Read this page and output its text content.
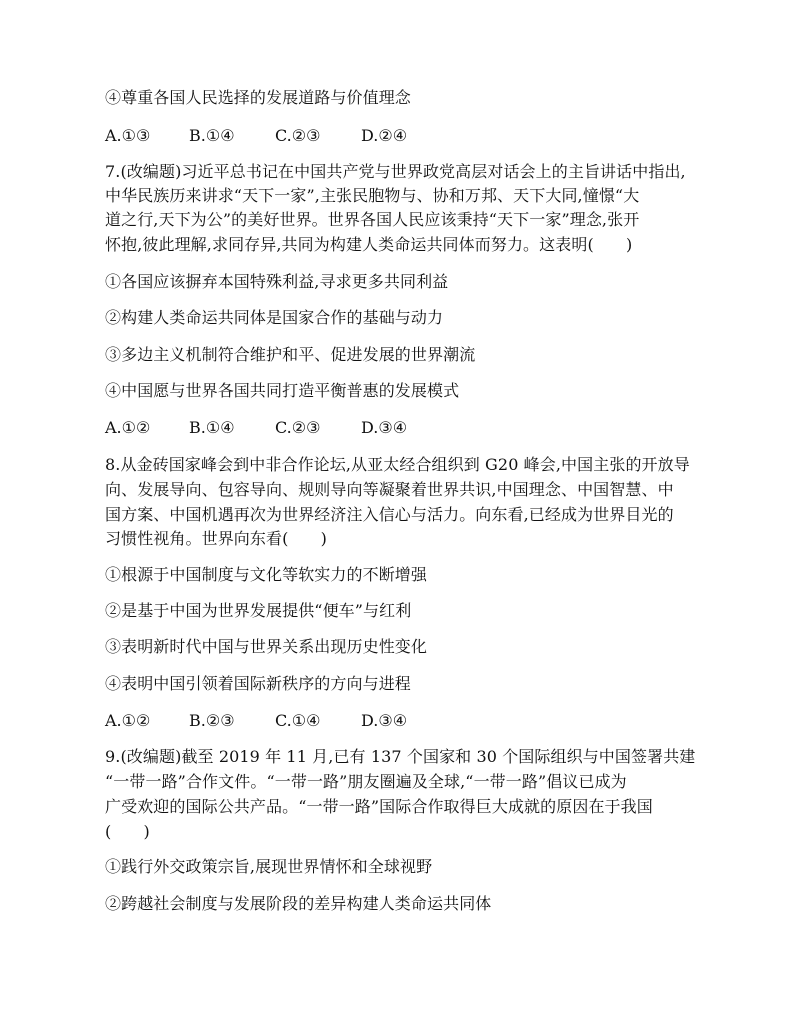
④尊重各国人民选择的发展道路与价值理念
A.①③ B.①④	C.②③	D.②④
7.(改编题)习近平总书记在中国共产党与世界政党高层对话会上的主旨讲话中指出,
中华民族历来讲求“天下一家”,主张民胞物与、协和万邦、天下大同,憧憬“大
道之行,天下为公”的美好世界。世界各国人民应该秉持“天下一家”理念,张开
怀抱,彼此理解,求同存异,共同为构建人类命运共同体而努力。这表明(　　)
①各国应该摒弃本国特殊利益,寻求更多共同利益
②构建人类命运共同体是国家合作的基础与动力
③多边主义机制符合维护和平、促进发展的世界潮流
④中国愿与世界各国共同打造平衡普惠的发展模式
A.①② B.①④	C.②③	D.③④
8.从金砖国家峰会到中非合作论坛,从亚太经合组织到 G20 峰会,中国主张的开放导
向、发展导向、包容导向、规则导向等凝聚着世界共识,中国理念、中国智慧、中
国方案、中国机遇再次为世界经济注入信心与活力。向东看,已经成为世界目光的
习惯性视角。世界向东看(　　)
①根源于中国制度与文化等软实力的不断增强
②是基于中国为世界发展提供“便车”与红利
③表明新时代中国与世界关系出现历史性变化
④表明中国引领着国际新秩序的方向与进程
A.①② B.②③	C.①④	D.③④
9.(改编题)截至 2019 年 11 月,已有 137 个国家和 30 个国际组织与中国签署共建
“一带一路”合作文件。“一带一路”朋友圈遍及全球,“一带一路”倡议已成为
广受欢迎的国际公共产品。“一带一路”国际合作取得巨大成就的原因在于我国
(　　)
①践行外交政策宗旨,展现世界情怀和全球视野
②跨越社会制度与发展阶段的差异构建人类命运共同体
